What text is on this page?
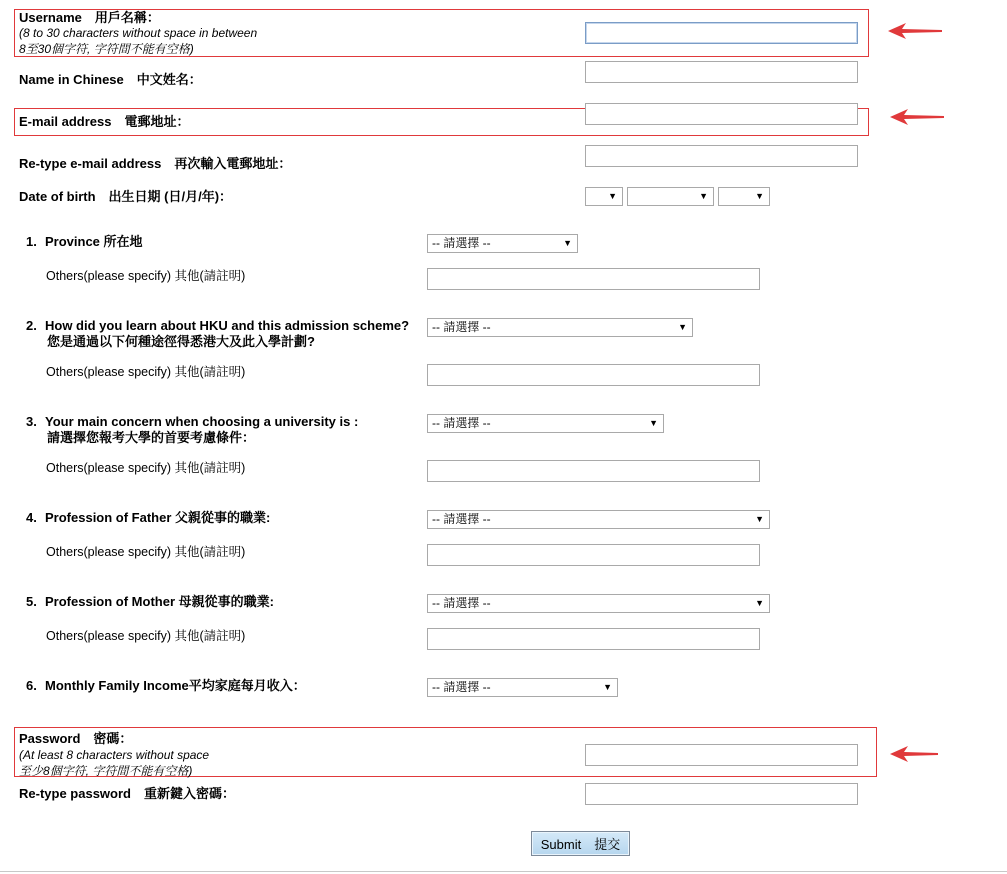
Username　用戶名稱：
(8 to 30 characters without space in between
8至30個字符, 字符間不能有空格)
Name in Chinese　中文姓名：
E-mail address　電郵地址：
Re-type e-mail address　再次輸入電郵地址：
Date of birth　出生日期 (日/月/年)：	▼	▼	▼
1. Province 所在地	-- 請選擇 --	▼
Others(please specify) 其他(請註明)
2. How did you learn about HKU and this admission scheme?
您是通過以下何種途徑得悉港大及此入學計劃?
-- 請選擇 --	▼
Others(please specify) 其他(請註明)
3. Your main concern when choosing a university is :
請選擇您報考大學的首要考慮條件：
-- 請選擇 --	▼
Others(please specify) 其他(請註明)
4. Profession of Father 父親從事的職業:	-- 請選擇 --	▼
Others(please specify) 其他(請註明)
5. Profession of Mother 母親從事的職業:	-- 請選擇 --	▼
Others(please specify) 其他(請註明)
6. Monthly Family Income平均家庭每月收入：	-- 請選擇 --	▼
Password　密碼：
(At least 8 characters without space
至少8個字符, 字符間不能有空格)
Re-type password　重新鍵入密碼：
Submit　提交
